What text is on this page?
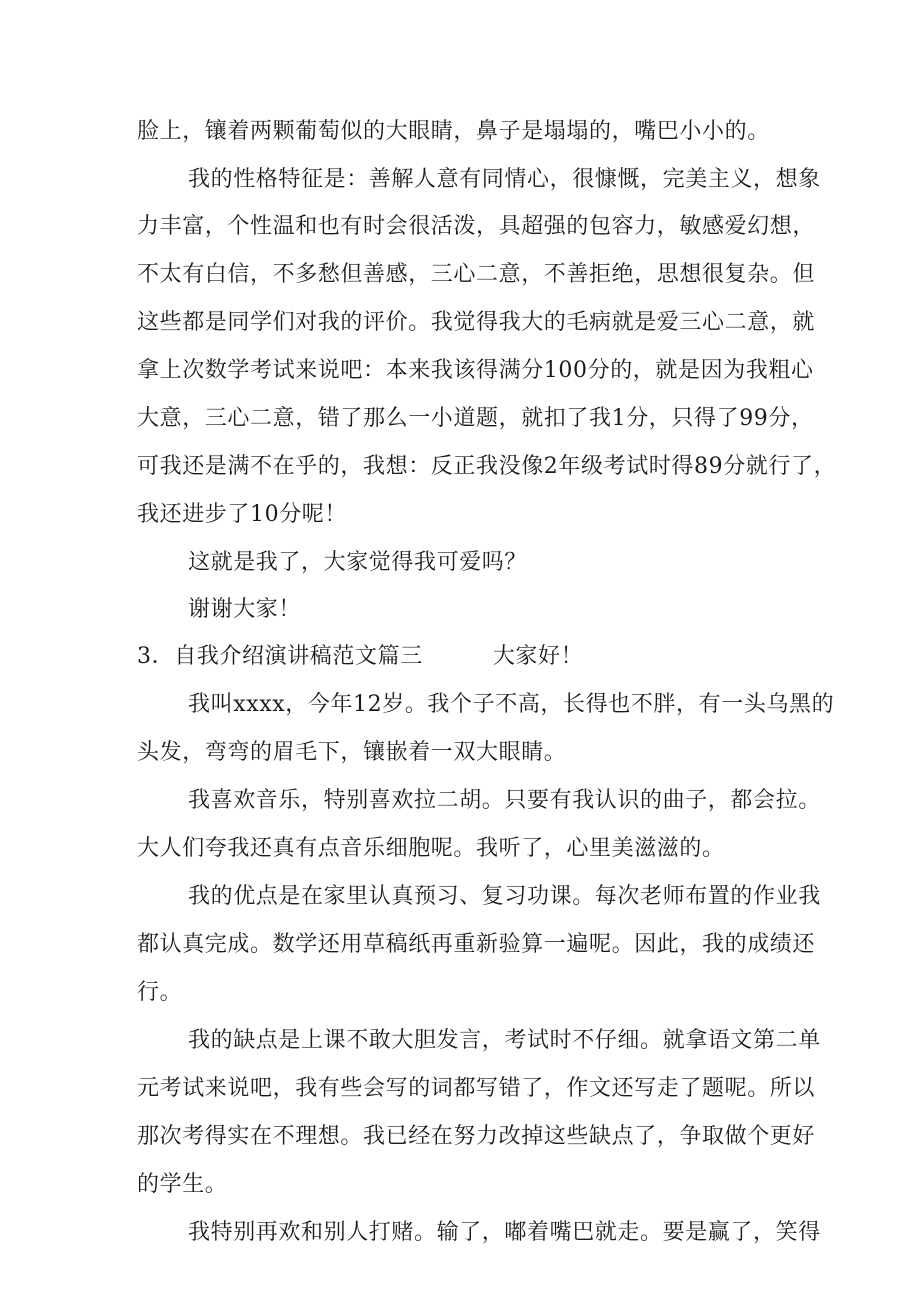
脸上，镶着两颗葡萄似的大眼睛，鼻子是塌塌的，嘴巴小小的。
我的性格特征是：善解人意有同情心，很慷慨，完美主义，想象
力丰富，个性温和也有时会很活泼，具超强的包容力，敏感爱幻想，
不太有白信，不多愁但善感，三心二意，不善拒绝，思想很复杂。但
这些都是同学们对我的评价。我觉得我大的毛病就是爱三心二意，就
拿上次数学考试来说吧：本来我该得满分100分的，就是因为我粗心
大意，三心二意，错了那么一小道题，就扣了我1分，只得了99分，
可我还是满不在乎的，我想：反正我没像2年级考试时得89分就行了，
我还进步了10分呢！
这就是我了，大家觉得我可爱吗？
谢谢大家！
3．自我介绍演讲稿范文篇三	大家好！
我叫xxxx，今年12岁。我个子不高，长得也不胖，有一头乌黑的
头发，弯弯的眉毛下，镶嵌着一双大眼睛。
我喜欢音乐，特别喜欢拉二胡。只要有我认识的曲子，都会拉。
大人们夸我还真有点音乐细胞呢。我听了，心里美滋滋的。
我的优点是在家里认真预习、复习功课。每次老师布置的作业我
都认真完成。数学还用草稿纸再重新验算一遍呢。因此，我的成绩还
行。
我的缺点是上课不敢大胆发言，考试时不仔细。就拿语文第二单
元考试来说吧，我有些会写的词都写错了，作文还写走了题呢。所以
那次考得实在不理想。我已经在努力改掉这些缺点了，争取做个更好
的学生。
我特别再欢和别人打赌。输了，嘟着嘴巴就走。要是赢了，笑得
